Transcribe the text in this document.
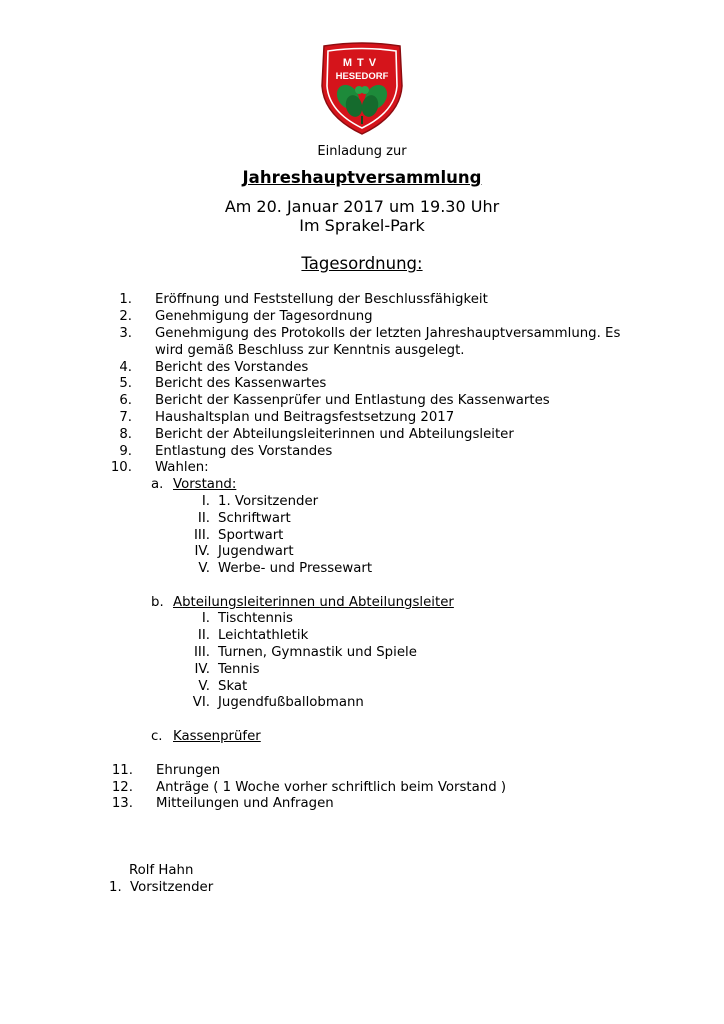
MTV
HESEDORF
Einladung zur
Jahreshauptversammlung
Am 20. Januar 2017 um 19.30 Uhr
Im Sprakel-Park
Tagesordnung:
1. Eröffnung und Feststellung der Beschlussfähigkeit
2. Genehmigung der Tagesordnung
3. Genehmigung des Protokolls der letzten Jahreshauptversammlung. Es
wird gemäß Beschluss zur Kenntnis ausgelegt.
4. Bericht des Vorstandes
5. Bericht des Kassenwartes
6. Bericht der Kassenprüfer und Entlastung des Kassenwartes
7. Haushaltsplan und Beitragsfestsetzung 2017
8. Bericht der Abteilungsleiterinnen und Abteilungsleiter
9. Entlastung des Vorstandes
10. Wahlen:
a. Vorstand:
I. 1. Vorsitzender
II. Schriftwart
III. Sportwart
IV. Jugendwart
V. Werbe- und Pressewart
b. Abteilungsleiterinnen und Abteilungsleiter
I. Tischtennis
II. Leichtathletik
III. Turnen, Gymnastik und Spiele
IV. Tennis
V. Skat
VI. Jugendfußballobmann
c. Kassenprüfer
11. Ehrungen
12. Anträge ( 1 Woche vorher schriftlich beim Vorstand )
13. Mitteilungen und Anfragen
Rolf Hahn
1. Vorsitzender
